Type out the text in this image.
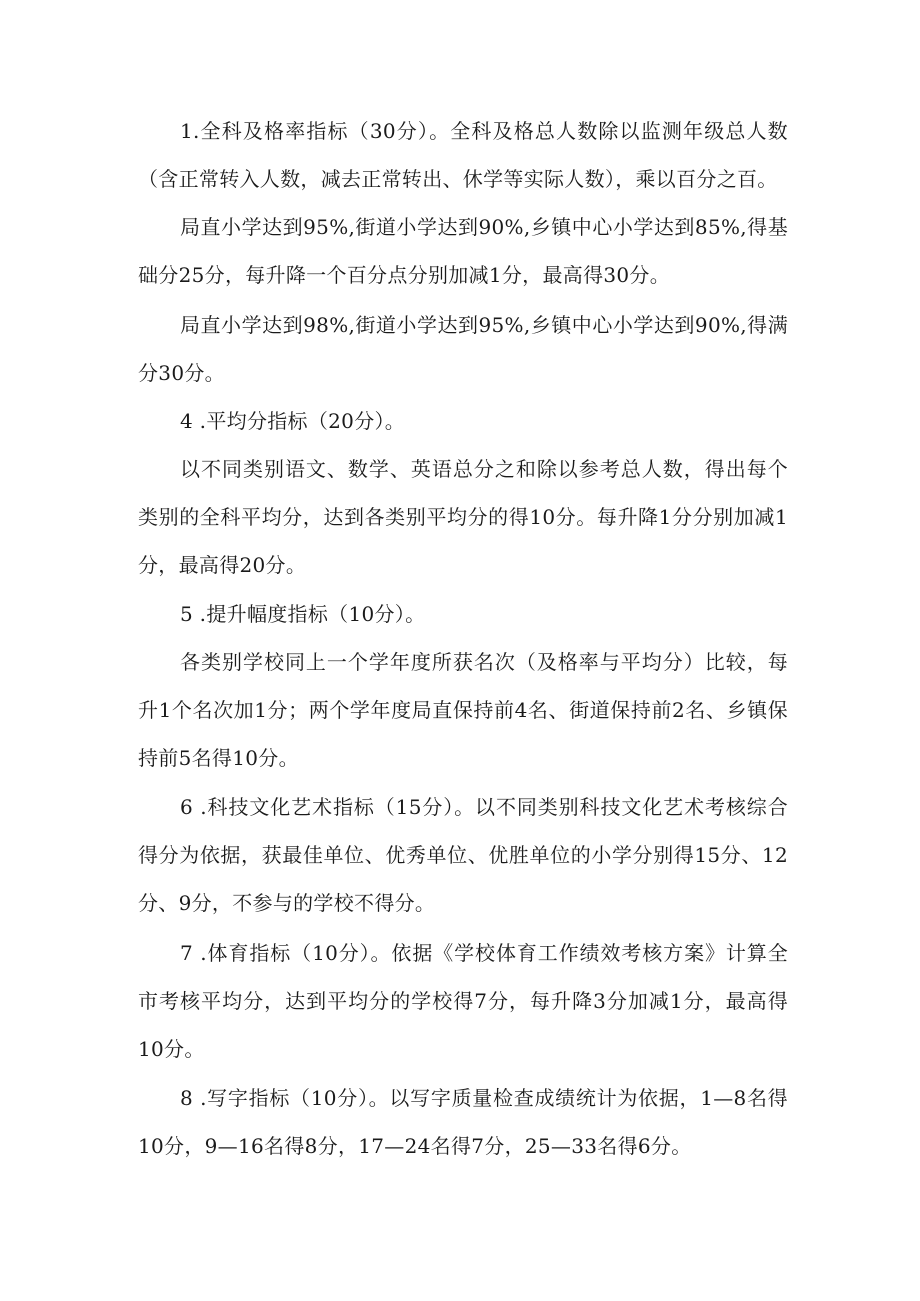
1.全科及格率指标（30分）。全科及格总人数除以监测年级总人数（含正常转入人数，减去正常转出、休学等实际人数），乘以百分之百。

局直小学达到95%,街道小学达到90%,乡镇中心小学达到85%,得基础分25分，每升降一个百分点分别加减1分，最高得30分。

局直小学达到98%,街道小学达到95%,乡镇中心小学达到90%,得满分30分。

4 .平均分指标（20分）。

以不同类别语文、数学、英语总分之和除以参考总人数，得出每个类别的全科平均分，达到各类别平均分的得10分。每升降1分分别加减1分，最高得20分。

5 .提升幅度指标（10分）。

各类别学校同上一个学年度所获名次（及格率与平均分）比较，每升1个名次加1分；两个学年度局直保持前4名、街道保持前2名、乡镇保持前5名得10分。

6 .科技文化艺术指标（15分）。以不同类别科技文化艺术考核综合得分为依据，获最佳单位、优秀单位、优胜单位的小学分别得15分、12分、9分，不参与的学校不得分。

7 .体育指标（10分）。依据《学校体育工作绩效考核方案》计算全市考核平均分，达到平均分的学校得7分，每升降3分加减1分，最高得10分。

8 .写字指标（10分）。以写字质量检查成绩统计为依据，1—8名得10分，9—16名得8分，17—24名得7分，25—33名得6分。
